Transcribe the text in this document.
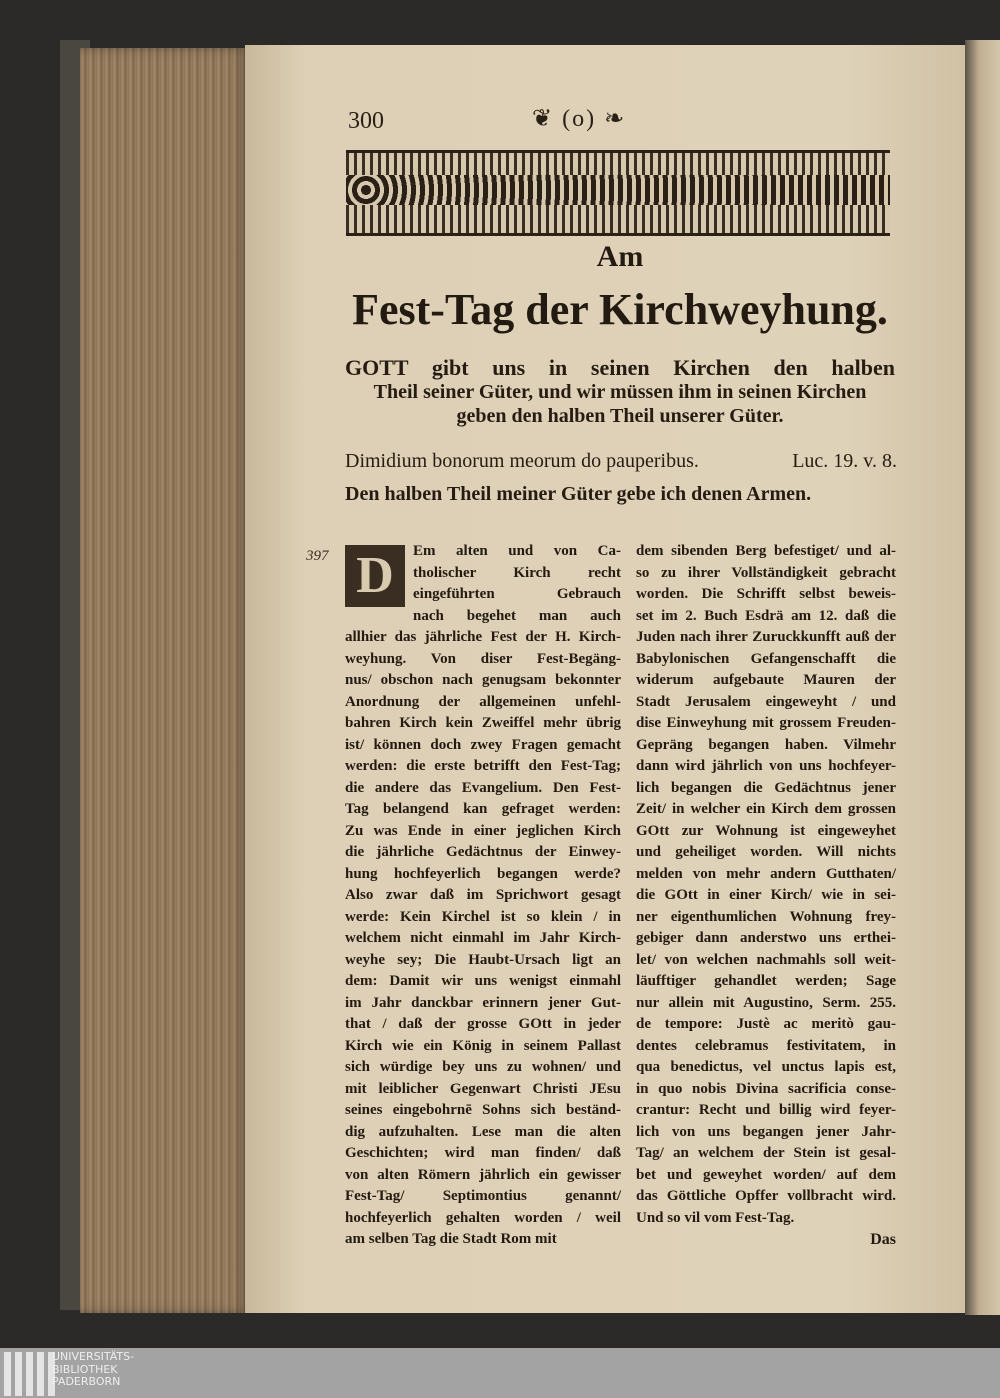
300	❦ (o) ❧
Am
Fest-Tag der Kirchweyhung.
GOTT gibt uns in seinen Kirchen den halben
Theil seiner Güter, und wir müssen ihm in seinen Kirchen
geben den halben Theil unserer Güter.
Dimidium bonorum meorum do pauperibus.	Luc. 19. v. 8.
Den halben Theil meiner Güter gebe ich denen Armen.
397 D	Em alten und von Ca-
tholischer Kirch recht
eingeführten Gebrauch
nach begehet man auch
allhier das jährliche Fest der H. Kirch-
weyhung. Von diser Fest-Begäng-
nus/ obschon nach genugsam bekonnter
Anordnung der allgemeinen unfehl-
bahren Kirch kein Zweiffel mehr übrig
ist/ können doch zwey Fragen gemacht
werden: die erste betrifft den Fest-Tag;
die andere das Evangelium. Den Fest-
Tag belangend kan gefraget werden:
Zu was Ende in einer jeglichen Kirch
die jährliche Gedächtnus der Einwey-
hung hochfeyerlich begangen werde?
Also zwar daß im Sprichwort gesagt
werde: Kein Kirchel ist so klein / in
welchem nicht einmahl im Jahr Kirch-
weyhe sey; Die Haubt-Ursach ligt an
dem: Damit wir uns wenigst einmahl
im Jahr danckbar erinnern jener Gut-
that / daß der grosse GOtt in jeder
Kirch wie ein König in seinem Pallast
sich würdige bey uns zu wohnen/ und
mit leiblicher Gegenwart Christi JEsu
seines eingebohrnē Sohns sich beständ-
dig aufzuhalten. Lese man die alten
Geschichten; wird man finden/ daß
von alten Römern jährlich ein gewisser
Fest-Tag/ Septimontius genannt/
hochfeyerlich gehalten worden / weil
am selben Tag die Stadt Rom mit
dem sibenden Berg befestiget/ und al-
so zu ihrer Vollständigkeit gebracht
worden. Die Schrifft selbst beweis-
set im 2. Buch Esdrä am 12. daß die
Juden nach ihrer Zuruckkunfft auß der
Babylonischen Gefangenschafft die
widerum aufgebaute Mauren der
Stadt Jerusalem eingeweyht / und
dise Einweyhung mit grossem Freuden-
Gepräng begangen haben. Vilmehr
dann wird jährlich von uns hochfeyer-
lich begangen die Gedächtnus jener
Zeit/ in welcher ein Kirch dem grossen
GOtt zur Wohnung ist eingeweyhet
und geheiliget worden. Will nichts
melden von mehr andern Gutthaten/
die GOtt in einer Kirch/ wie in sei-
ner eigenthumlichen Wohnung frey-
gebiger dann anderstwo uns erthei-
let/ von welchen nachmahls soll weit-
läufftiger gehandlet werden; Sage
nur allein mit Augustino, Serm. 255.
de tempore: Justè ac meritò gau-
dentes celebramus festivitatem, in
qua benedictus, vel unctus lapis est,
in quo nobis Divina sacrificia conse-
crantur: Recht und billig wird feyer-
lich von uns begangen jener Jahr-
Tag/ an welchem der Stein ist gesal-
bet und geweyhet worden/ auf dem
das Göttliche Opffer vollbracht wird.
Und so vil vom Fest-Tag.
Das
UNIVERSITÄTS-
BIBLIOTHEK
PADERBORN
